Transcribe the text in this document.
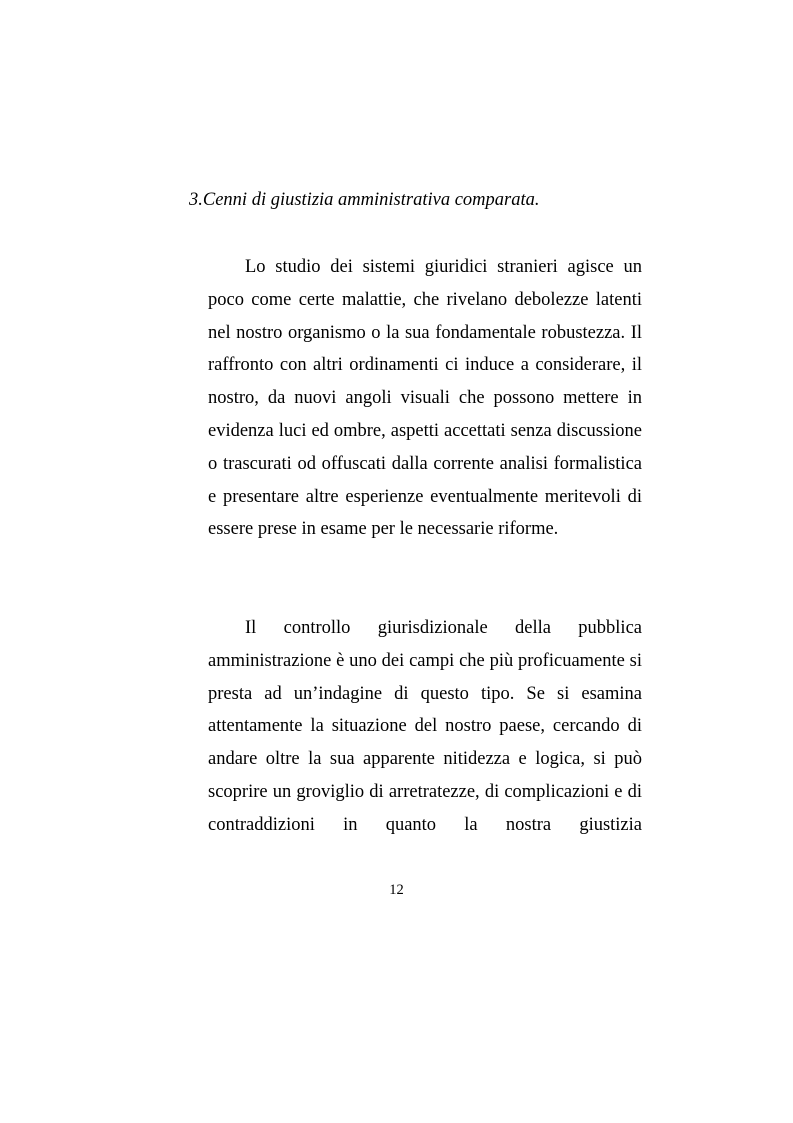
3.Cenni di giustizia amministrativa comparata.

Lo studio dei sistemi giuridici stranieri agisce un poco come certe malattie, che rivelano debolezze latenti nel nostro organismo o la sua fondamentale robustezza. Il raffronto con altri ordinamenti ci induce a considerare, il nostro, da nuovi angoli visuali che possono mettere in evidenza luci ed ombre, aspetti accettati senza discussione o trascurati od offuscati dalla corrente analisi formalistica e presentare altre esperienze eventualmente meritevoli di essere prese in esame per le necessarie riforme.

Il controllo giurisdizionale della pubblica amministrazione è uno dei campi che più proficuamente si presta ad un’indagine di questo tipo. Se si esamina attentamente la situazione del nostro paese, cercando di andare oltre la sua apparente nitidezza e logica, si può scoprire un groviglio di arretratezze, di complicazioni e di contraddizioni in quanto la nostra giustizia

12
